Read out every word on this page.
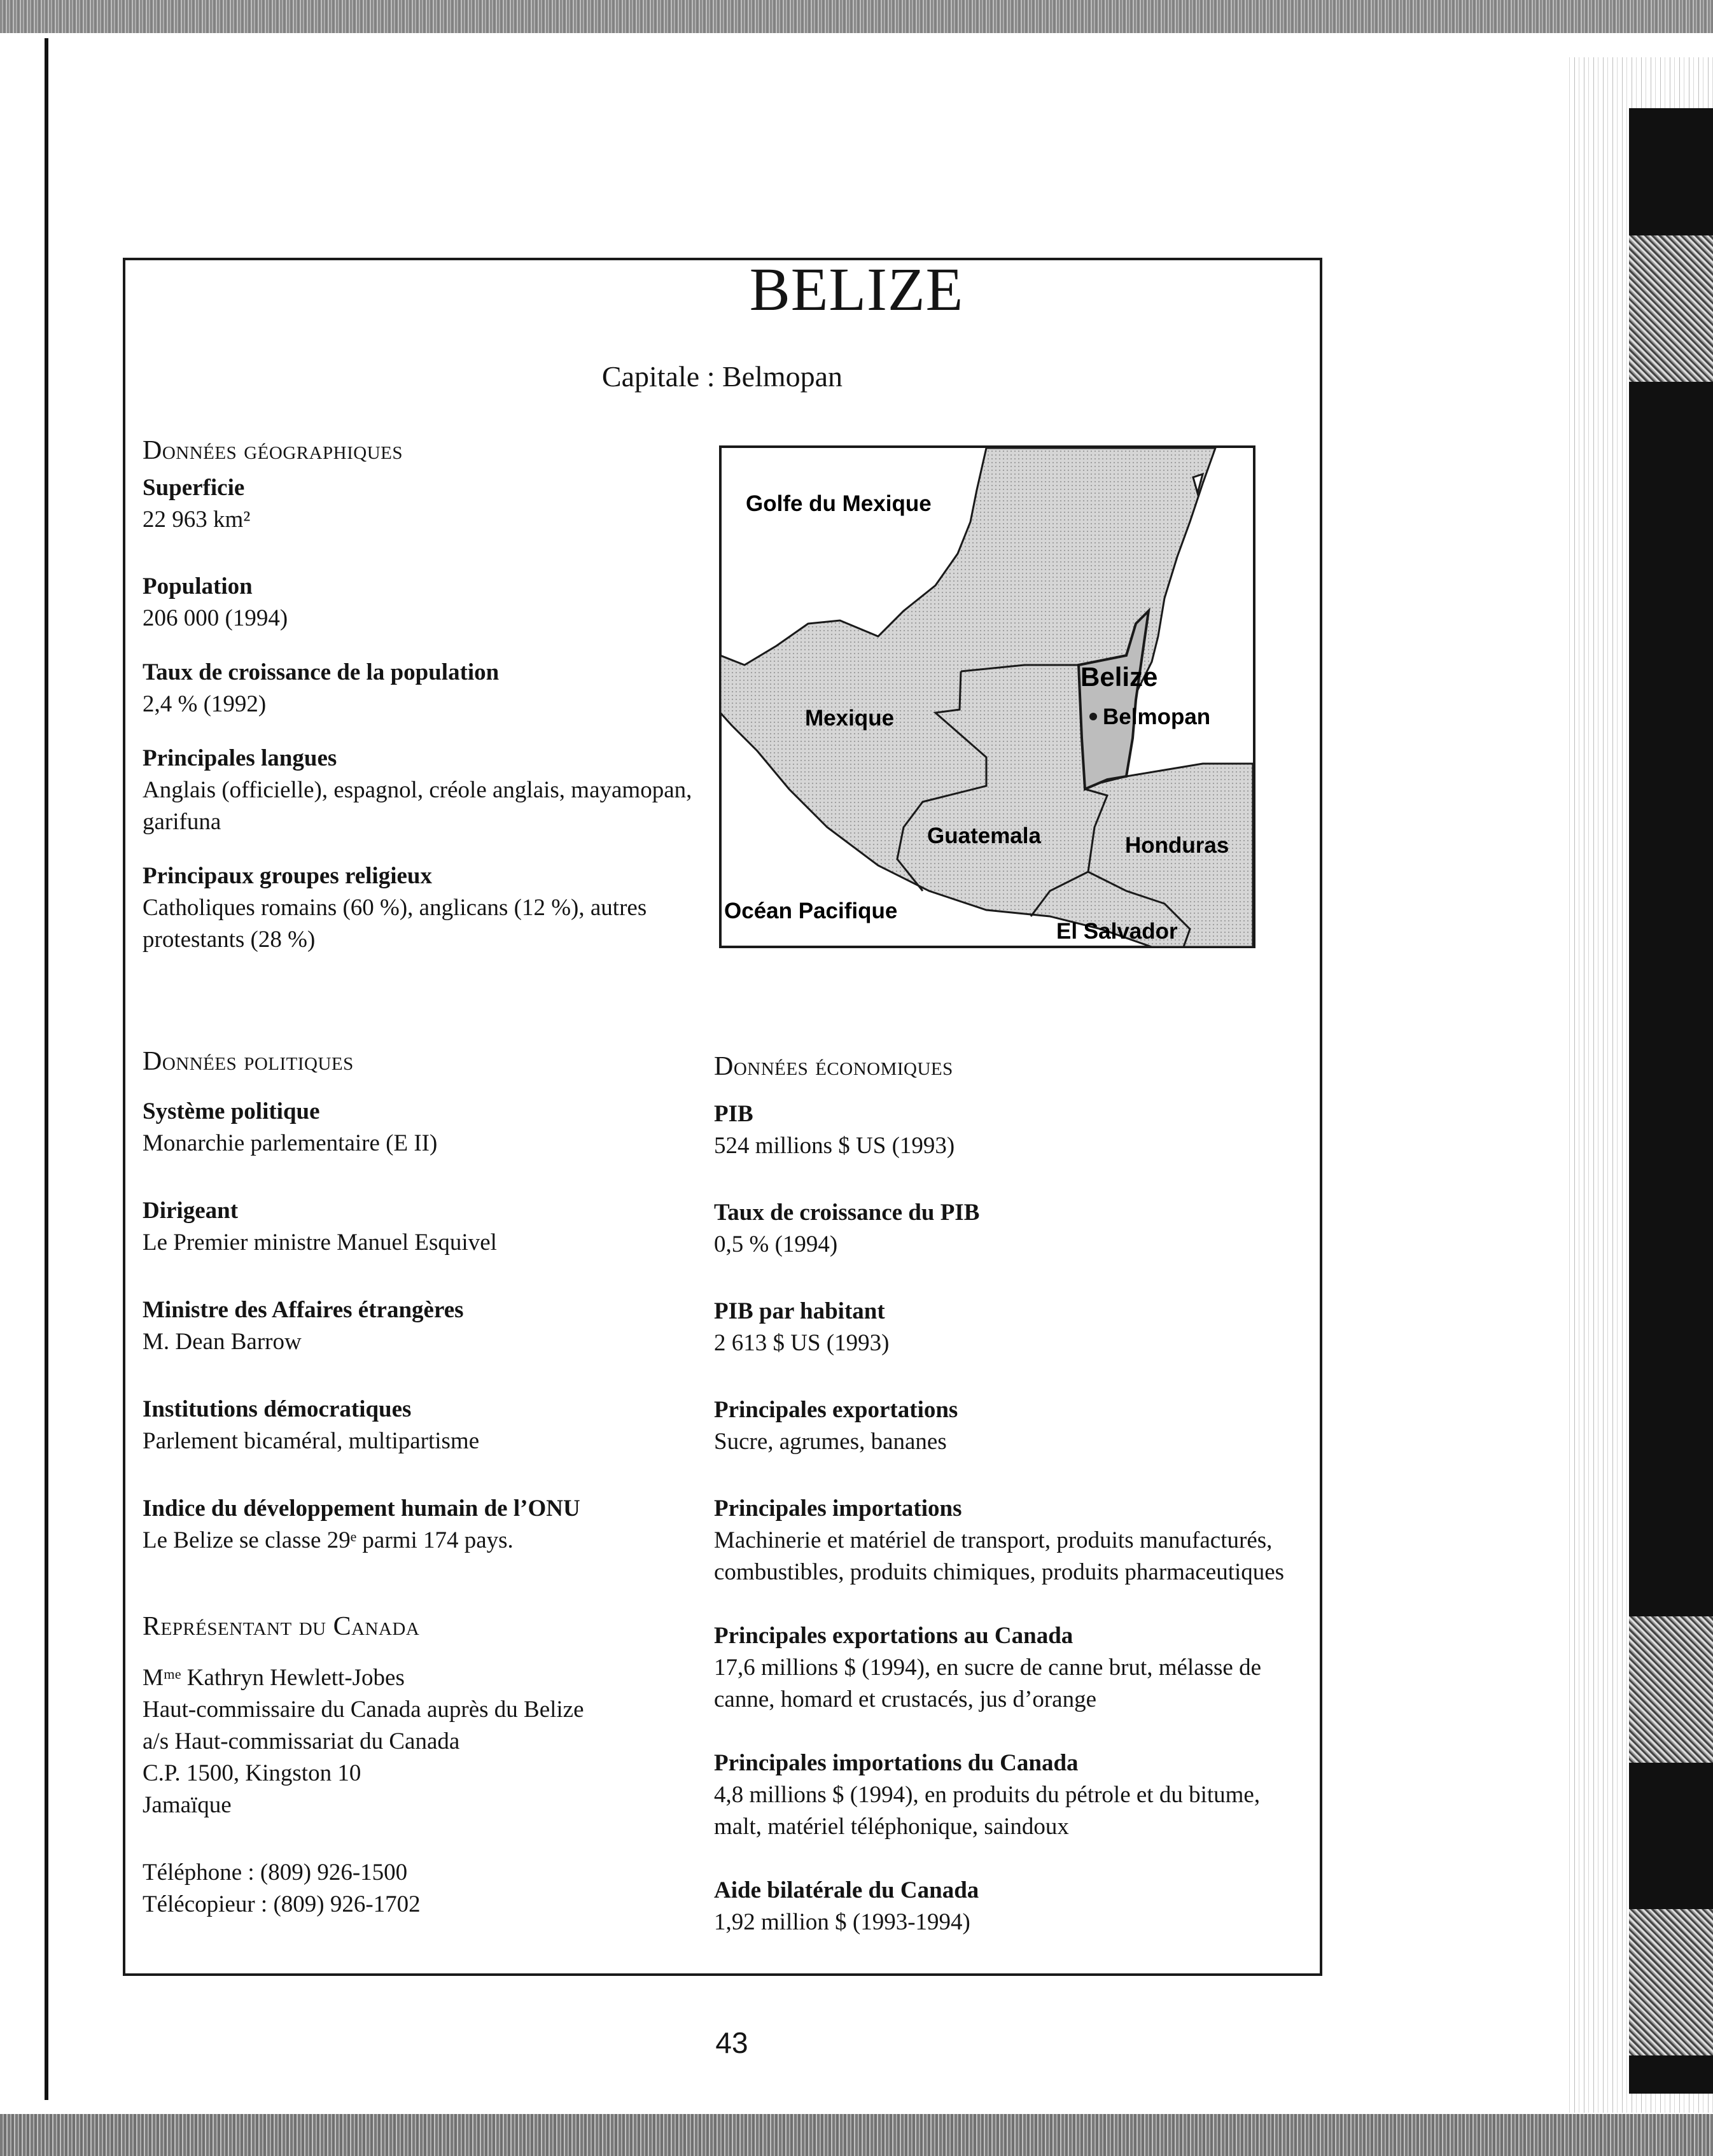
BELIZE
Capitale : Belmopan
Données géographiques
Superficie
22 963 km²
Population
206 000 (1994)
Taux de croissance de la population
2,4 % (1992)
Principales langues
Anglais (officielle), espagnol, créole anglais, mayamopan, garifuna
Principaux groupes religieux
Catholiques romains (60 %), anglicans (12 %), autres protestants (28 %)
Golfe du Mexique
Mexique
Belize
Belmopan
Guatemala	Honduras
Océan Pacifique
El Salvador
Données politiques
Système politique
Monarchie parlementaire (E II)
Dirigeant
Le Premier ministre Manuel Esquivel
Ministre des Affaires étrangères
M. Dean Barrow
Institutions démocratiques
Parlement bicaméral, multipartisme
Indice du développement humain de l’ONU
Le Belize se classe 29ᵉ parmi 174 pays.
Représentant du Canada
Mᵐᵉ Kathryn Hewlett-Jobes
Haut-commissaire du Canada auprès du Belize
a/s Haut-commissariat du Canada
C.P. 1500, Kingston 10
Jamaïque
Téléphone : (809) 926-1500
Télécopieur : (809) 926-1702
Données économiques
PIB
524 millions $ US (1993)
Taux de croissance du PIB
0,5 % (1994)
PIB par habitant
2 613 $ US (1993)
Principales exportations
Sucre, agrumes, bananes
Principales importations
Machinerie et matériel de transport, produits manufacturés, combustibles, produits chimiques, produits pharmaceutiques
Principales exportations au Canada
17,6 millions $ (1994), en sucre de canne brut, mélasse de canne, homard et crustacés, jus d’orange
Principales importations du Canada
4,8 millions $ (1994), en produits du pétrole et du bitume, malt, matériel téléphonique, saindoux
Aide bilatérale du Canada
1,92 million $ (1993-1994)
43
